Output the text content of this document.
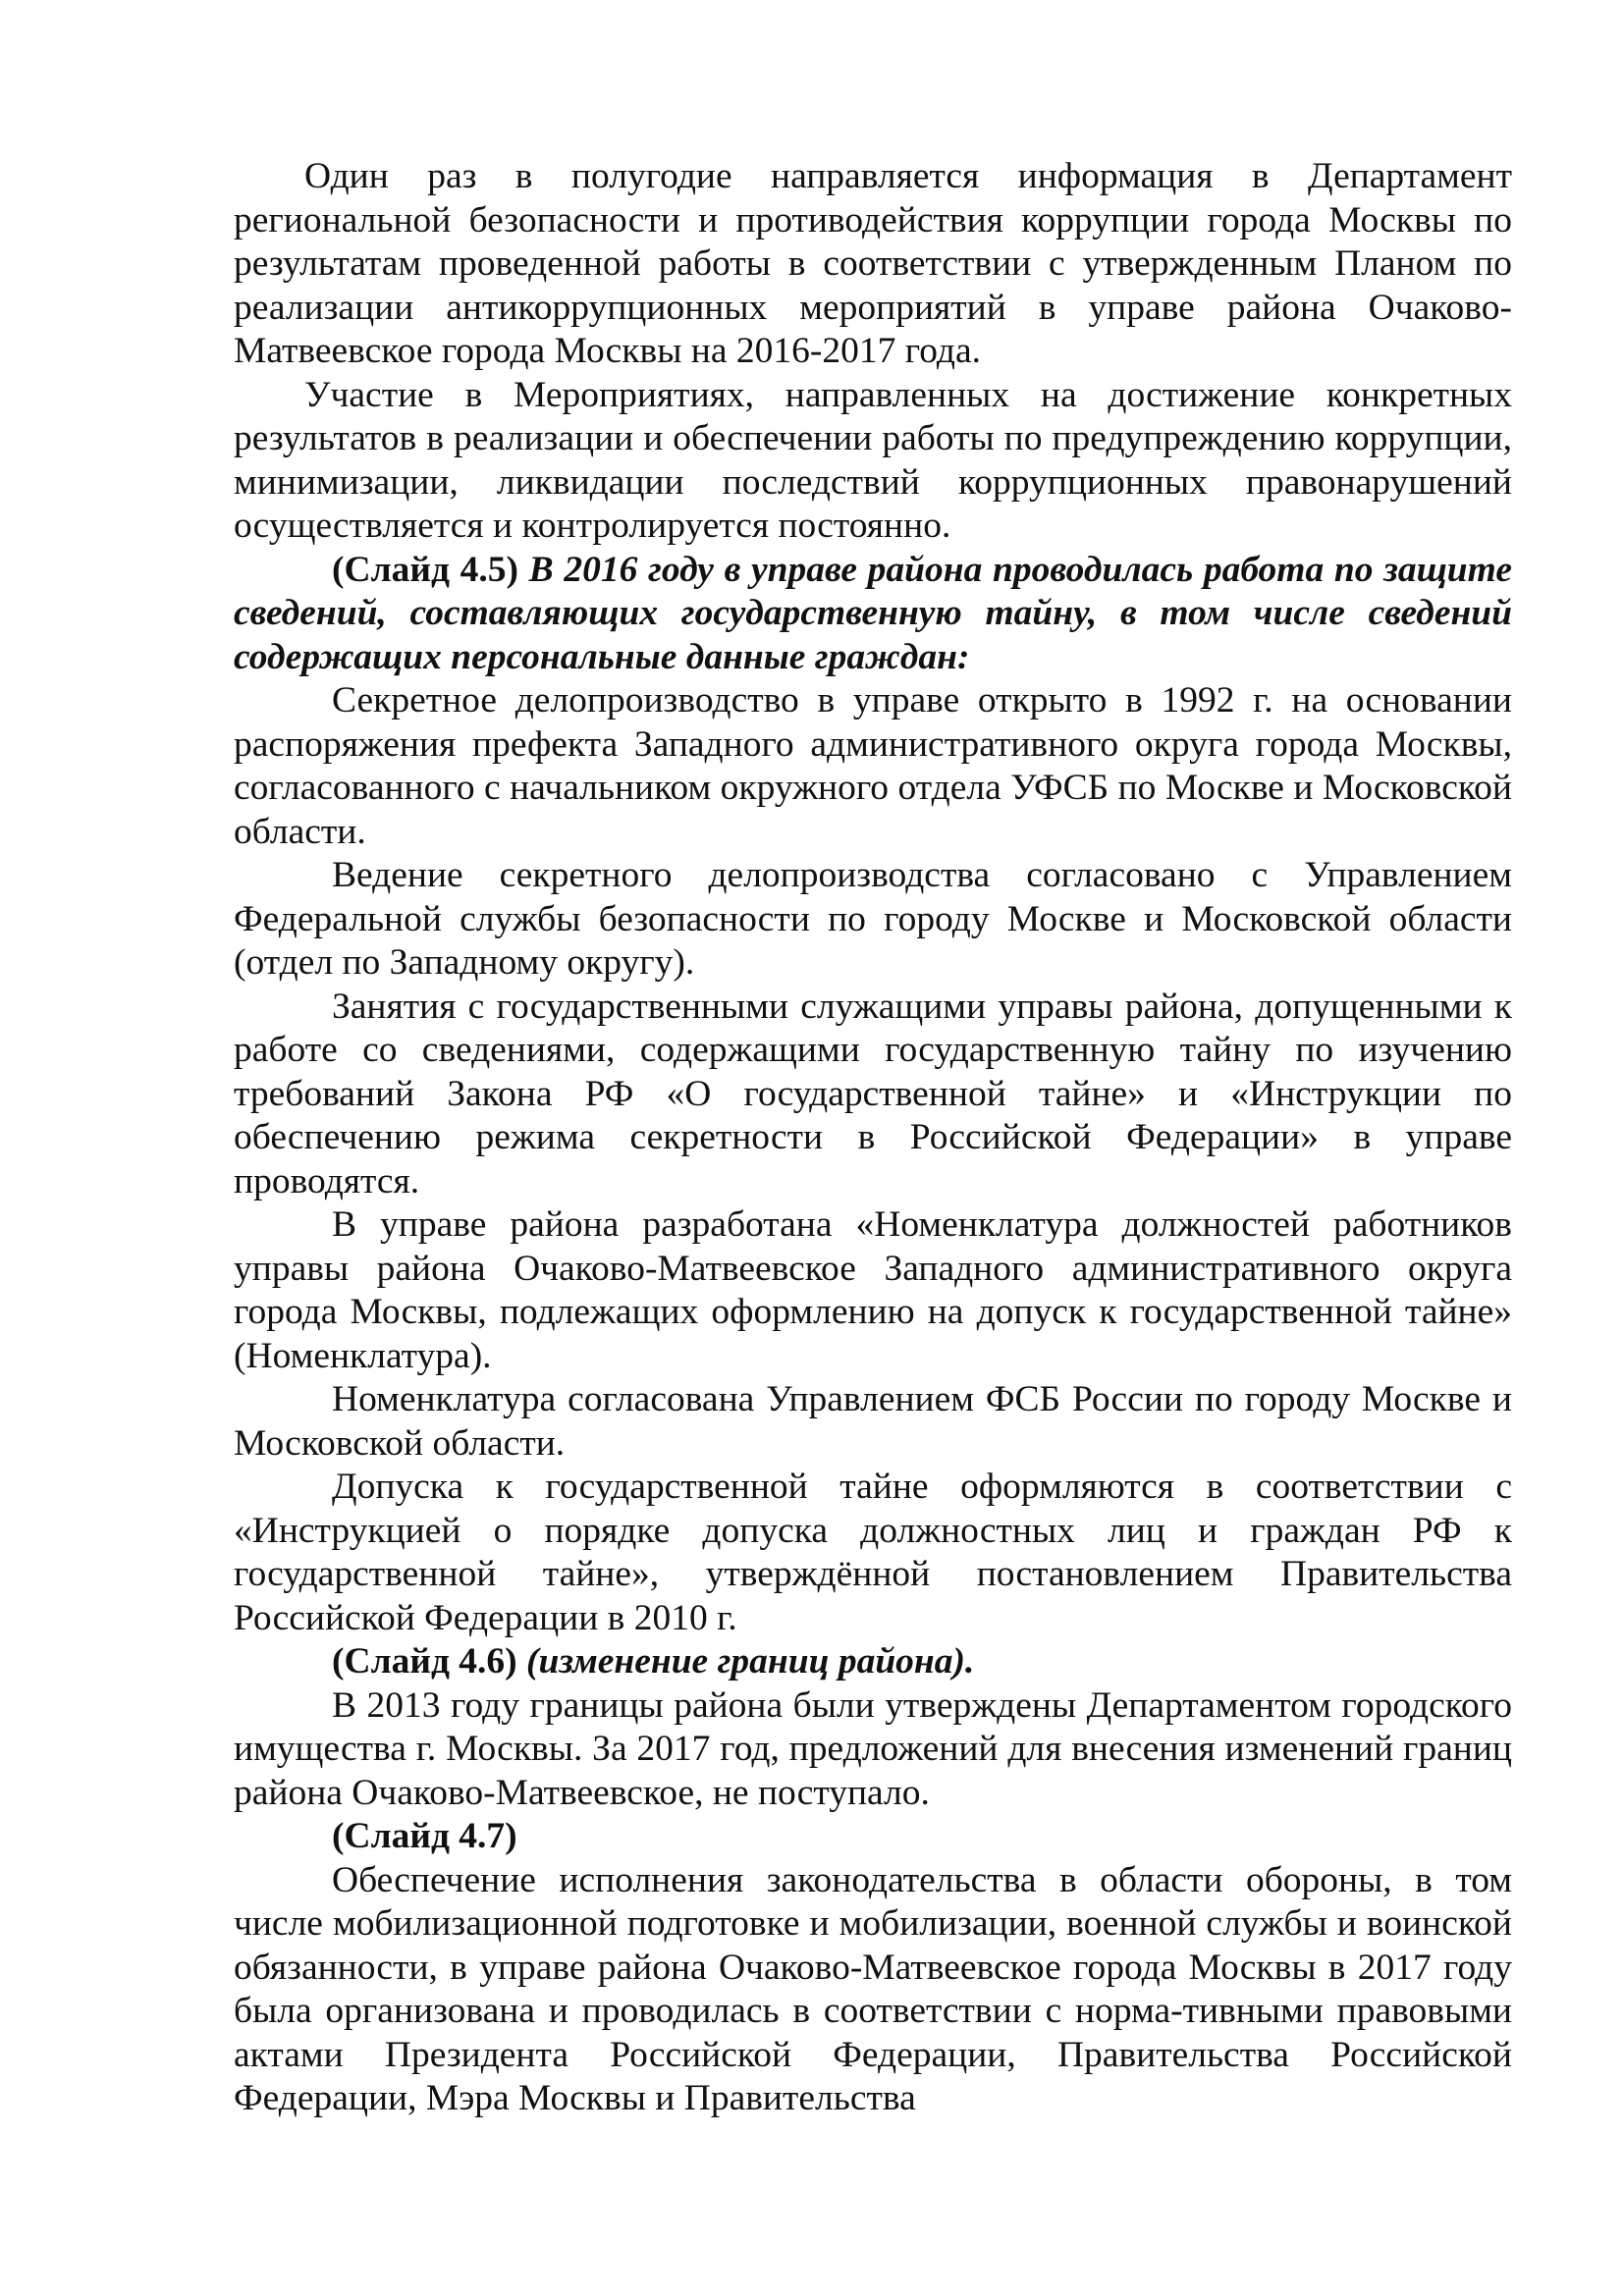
Один раз в полугодие направляется информация в Департамент региональной безопасности и противодействия коррупции города Москвы по результатам проведенной работы в соответствии с утвержденным Планом по реализации антикоррупционных мероприятий в управе района Очаково-Матвеевское города Москвы на 2016-2017 года.

Участие в Мероприятиях, направленных на достижение конкретных результатов в реализации и обеспечении работы по предупреждению коррупции, минимизации, ликвидации последствий коррупционных правонарушений осуществляется и контролируется постоянно.

(Слайд 4.5) В 2016 году в управе района проводилась работа по защите сведений, составляющих государственную тайну, в том числе сведений содержащих персональные данные граждан:

Секретное делопроизводство в управе открыто в 1992 г. на основании распоряжения префекта Западного административного округа города Москвы, согласованного с начальником окружного отдела УФСБ по Москве и Московской области.

Ведение секретного делопроизводства согласовано с Управлением Федеральной службы безопасности по городу Москве и Московской области (отдел по Западному округу).

Занятия с государственными служащими управы района, допущенными к работе со сведениями, содержащими государственную тайну по изучению требований Закона РФ «О государственной тайне» и «Инструкции по обеспечению режима секретности в Российской Федерации» в управе проводятся.

В управе района разработана «Номенклатура должностей работников управы района Очаково-Матвеевское Западного административного округа города Москвы, подлежащих оформлению на допуск к государственной тайне» (Номенклатура).

Номенклатура согласована Управлением ФСБ России по городу Москве и Московской области.

Допуска к государственной тайне оформляются в соответствии с «Инструкцией о порядке допуска должностных лиц и граждан РФ к государственной тайне», утверждённой постановлением Правительства Российской Федерации в 2010 г.

(Слайд 4.6) (изменение границ района).

В 2013 году границы района были утверждены Департаментом городского имущества г. Москвы. За 2017 год, предложений для внесения изменений границ района Очаково-Матвеевское, не поступало.

(Слайд 4.7)

Обеспечение исполнения законодательства в области обороны, в том числе мобилизационной подготовке и мобилизации, военной службы и воинской обязанности, в управе района Очаково-Матвеевское города Москвы в 2017 году была организована и проводилась в соответствии с норма-тивными правовыми актами Президента Российской Федерации, Правительства Российской Федерации, Мэра Москвы и Правительства
